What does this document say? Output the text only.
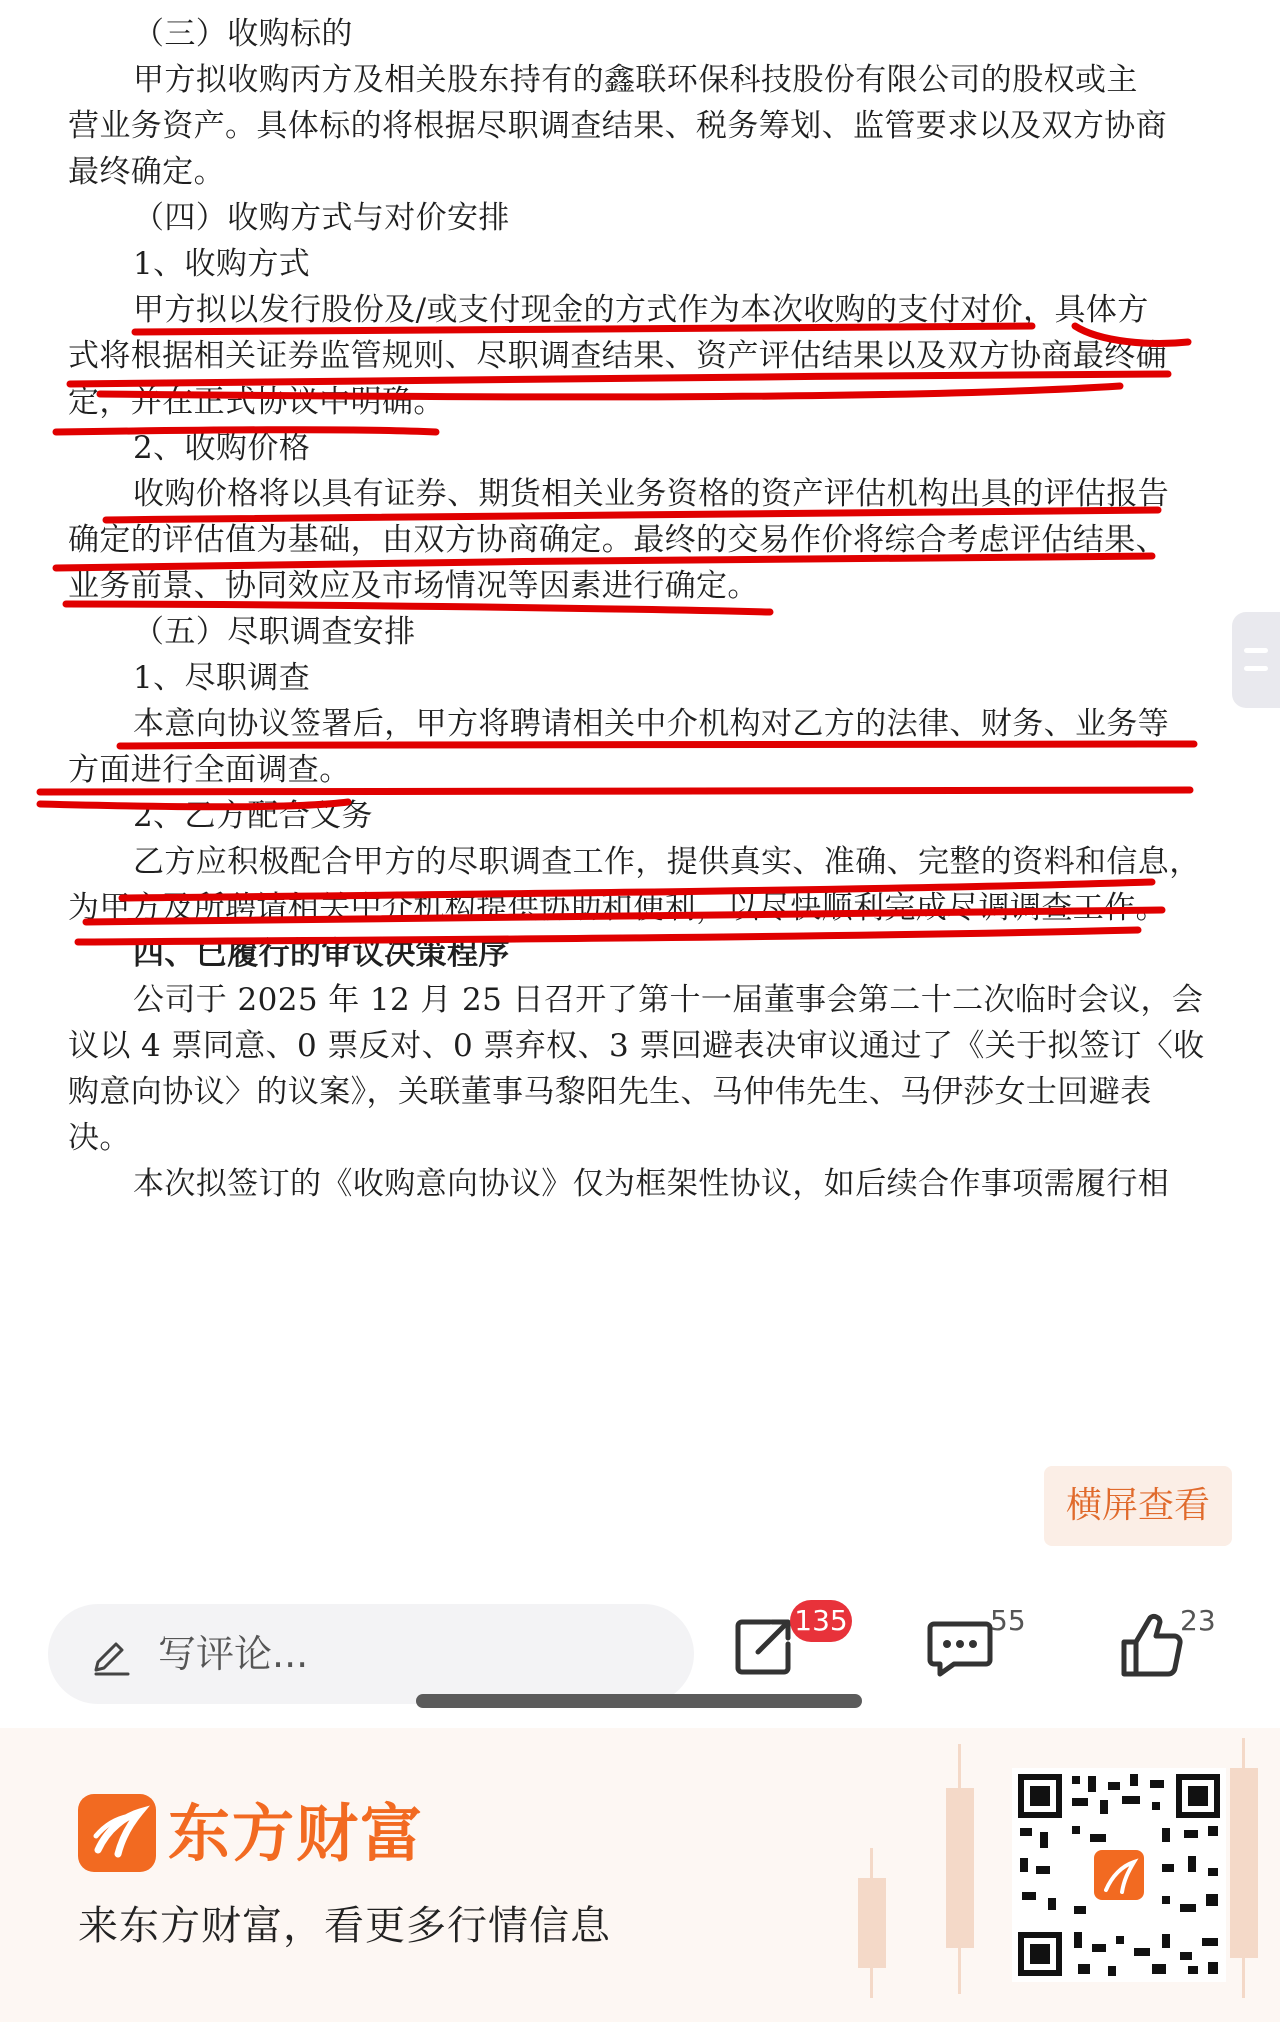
（三）收购标的
甲方拟收购丙方及相关股东持有的鑫联环保科技股份有限公司的股权或主
营业务资产。具体标的将根据尽职调查结果、税务筹划、监管要求以及双方协商
最终确定。
（四）收购方式与对价安排
1、收购方式
甲方拟以发行股份及/或支付现金的方式作为本次收购的支付对价，具体方
式将根据相关证券监管规则、尽职调查结果、资产评估结果以及双方协商最终确
定，并在正式协议中明确。
2、收购价格
收购价格将以具有证券、期货相关业务资格的资产评估机构出具的评估报告
确定的评估值为基础，由双方协商确定。最终的交易作价将综合考虑评估结果、
业务前景、协同效应及市场情况等因素进行确定。
（五）尽职调查安排
1、尽职调查
本意向协议签署后，甲方将聘请相关中介机构对乙方的法律、财务、业务等
方面进行全面调查。
2、乙方配合义务
乙方应积极配合甲方的尽职调查工作，提供真实、准确、完整的资料和信息，
为甲方及所聘请相关中介机构提供协助和便利，以尽快顺利完成尽调调查工作。
四、已履行的审议决策程序
公司于 2025 年 12 月 25 日召开了第十一届董事会第二十二次临时会议，会
议以 4 票同意、0 票反对、0 票弃权、3 票回避表决审议通过了《关于拟签订〈收
购意向协议〉的议案》，关联董事马黎阳先生、马仲伟先生、马伊莎女士回避表
决。
本次拟签订的《收购意向协议》仅为框架性协议，如后续合作事项需履行相
横屏查看
写评论...
135	55	23
东方财富
来东方财富，看更多行情信息
